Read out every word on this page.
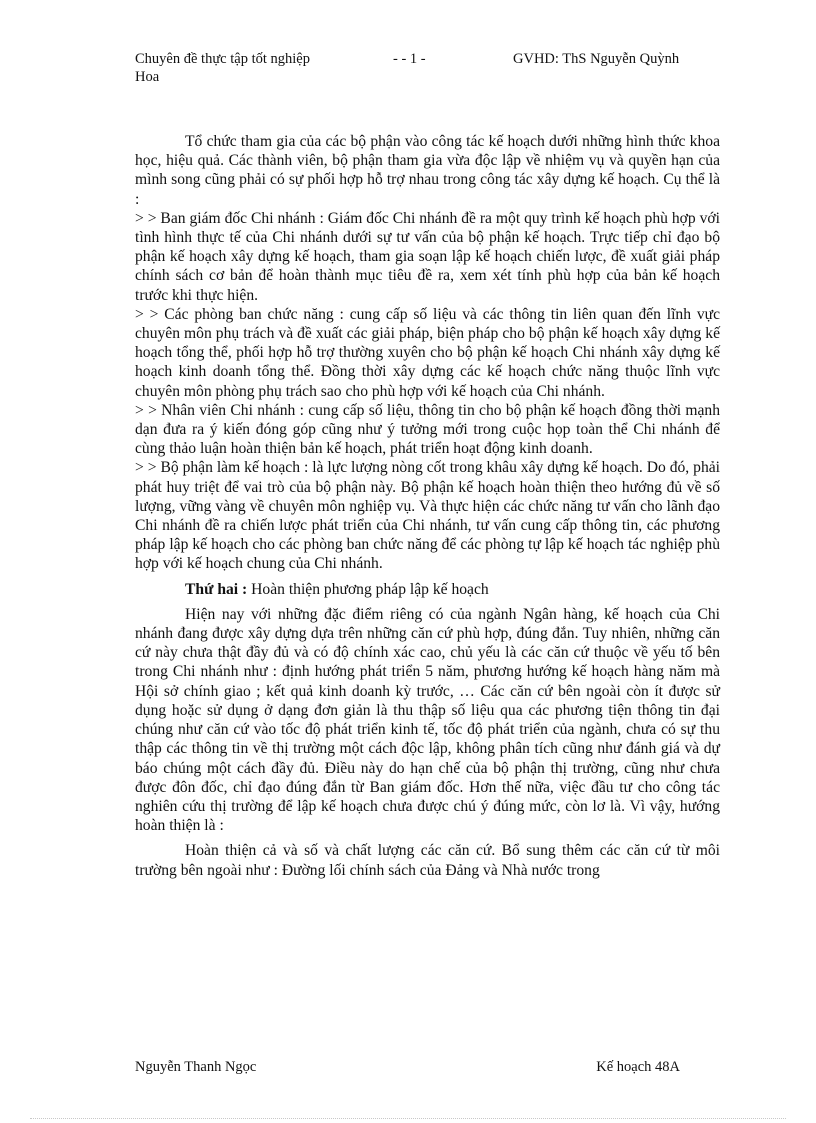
Chuyên đề thực tập tốt nghiệp	- - 1 -	GVHD: ThS Nguyễn Quỳnh
Hoa

Tổ chức tham gia của các bộ phận vào công tác kế hoạch dưới những hình thức khoa học, hiệu quả. Các thành viên, bộ phận tham gia vừa độc lập về nhiệm vụ và quyền hạn của mình song cũng phải có sự phối hợp hỗ trợ nhau trong công tác xây dựng kế hoạch. Cụ thể là :

> > Ban giám đốc Chi nhánh : Giám đốc Chi nhánh đề ra một quy trình kế hoạch phù hợp với tình hình thực tế của Chi nhánh dưới sự tư vấn của bộ phận kế hoạch. Trực tiếp chỉ đạo bộ phận kế hoạch xây dựng kế hoạch, tham gia soạn lập kế hoạch chiến lược, đề xuất giải pháp chính sách cơ bản để hoàn thành mục tiêu đề ra, xem xét tính phù hợp của bản kế hoạch trước khi thực hiện.

> > Các phòng ban chức năng : cung cấp số liệu và các thông tin liên quan đến lĩnh vực chuyên môn phụ trách và đề xuất các giải pháp, biện pháp cho bộ phận kế hoạch xây dựng kế hoạch tổng thể, phối hợp hỗ trợ thường xuyên cho bộ phận kế hoạch Chi nhánh xây dựng kế hoạch kinh doanh tổng thể. Đồng thời xây dựng các kế hoạch chức năng thuộc lĩnh vực chuyên môn phòng phụ trách sao cho phù hợp với kế hoạch của Chi nhánh.

> > Nhân viên Chi nhánh : cung cấp số liệu, thông tin cho bộ phận kế hoạch đồng thời mạnh dạn đưa ra ý kiến đóng góp cũng như ý tưởng mới trong cuộc họp toàn thể Chi nhánh để cùng thảo luận hoàn thiện bản kế hoạch, phát triển hoạt động kinh doanh.

> > Bộ phận làm kế hoạch : là lực lượng nòng cốt trong khâu xây dựng kế hoạch. Do đó, phải phát huy triệt để vai trò của bộ phận này. Bộ phận kế hoạch hoàn thiện theo hướng đủ về số lượng, vững vàng về chuyên môn nghiệp vụ. Và thực hiện các chức năng tư vấn cho lãnh đạo Chi nhánh đề ra chiến lược phát triển của Chi nhánh, tư vấn cung cấp thông tin, các phương pháp lập kế hoạch cho các phòng ban chức năng để các phòng tự lập kế hoạch tác nghiệp phù hợp với kế hoạch chung của Chi nhánh.

Thứ hai : Hoàn thiện phương pháp lập kế hoạch

Hiện nay với những đặc điểm riêng có của ngành Ngân hàng, kế hoạch của Chi nhánh đang được xây dựng dựa trên những căn cứ phù hợp, đúng đắn. Tuy nhiên, những căn cứ này chưa thật đầy đủ và có độ chính xác cao, chủ yếu là các căn cứ thuộc về yếu tố bên trong Chi nhánh như : định hướng phát triển 5 năm, phương hướng kế hoạch hàng năm mà Hội sở chính giao ; kết quả kinh doanh kỳ trước, … Các căn cứ bên ngoài còn ít được sử dụng hoặc sử dụng ở dạng đơn giản là thu thập số liệu qua các phương tiện thông tin đại chúng như căn cứ vào tốc độ phát triển kinh tế, tốc độ phát triển của ngành, chưa có sự thu thập các thông tin về thị trường một cách độc lập, không phân tích cũng như đánh giá và dự báo chúng một cách đầy đủ. Điều này do hạn chế của bộ phận thị trường, cũng như chưa được đôn đốc, chỉ đạo đúng đắn từ Ban giám đốc. Hơn thế nữa, việc đầu tư cho công tác nghiên cứu thị trường để lập kế hoạch chưa được chú ý đúng mức, còn lơ là. Vì vậy, hướng hoàn thiện là :

Hoàn thiện cả và số và chất lượng các căn cứ. Bổ sung thêm các căn cứ từ môi trường bên ngoài như : Đường lối chính sách của Đảng và Nhà nước trong

Nguyễn Thanh Ngọc	Kế hoạch 48A
